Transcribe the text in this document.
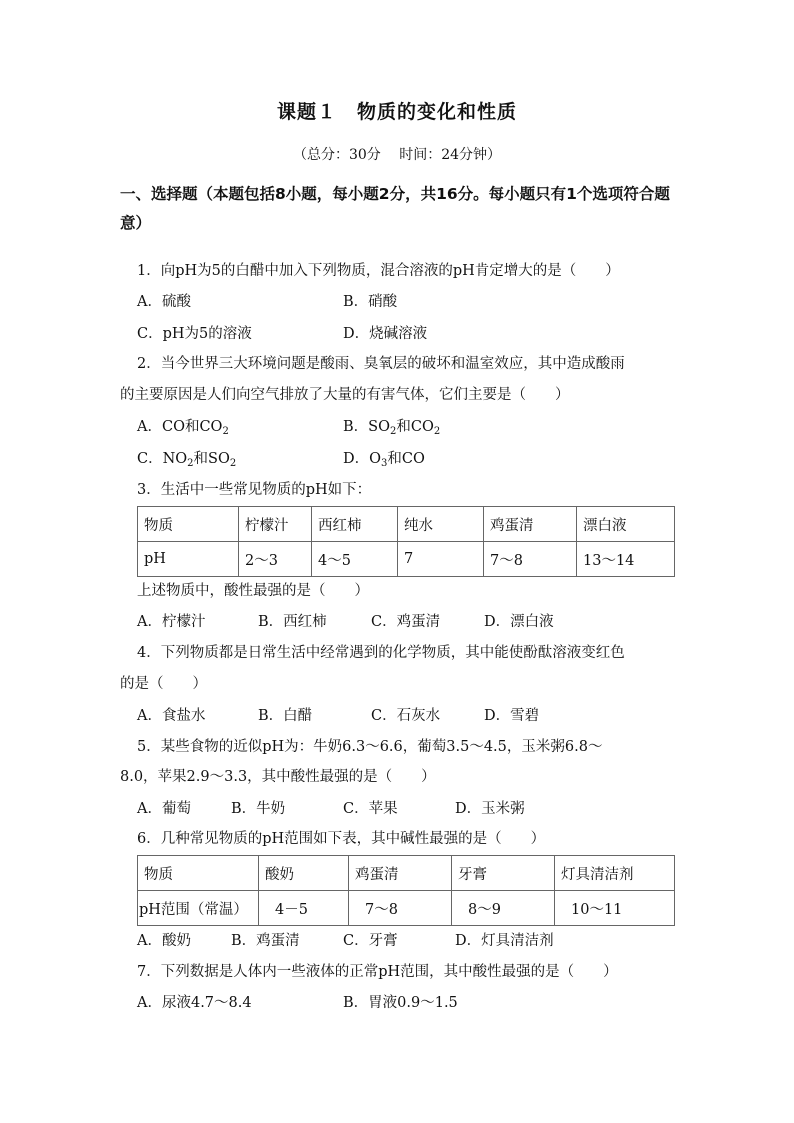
课题１　物质的变化和性质
（总分：30分　 时间：24分钟）
一、选择题（本题包括8小题，每小题2分，共16分。每小题只有1个选项符合题意）
1．向pH为5的白醋中加入下列物质，混合溶液的pH肯定增大的是（　　）
A．硫酸	B．硝酸
C．pH为5的溶液	D．烧碱溶液
2．当今世界三大环境问题是酸雨、臭氧层的破坏和温室效应，其中造成酸雨
的主要原因是人们向空气排放了大量的有害气体，它们主要是（　　）
A．CO和$CO_2$	B．$SO_2$和$CO_2$
C．$NO_2$和$SO_2$	D．$O_3$和CO
3．生活中一些常见物质的pH如下：
物质	柠檬汁	西红柿	纯水	鸡蛋清	漂白液
pH	2～3	4～5	7	7～8	13～14
上述物质中，酸性最强的是（　　）
A．柠檬汁	B．西红柿	C．鸡蛋清	D．漂白液
4．下列物质都是日常生活中经常遇到的化学物质，其中能使酚酞溶液变红色
的是（　　）
A．食盐水	B．白醋	C．石灰水	D．雪碧
5．某些食物的近似pH为：牛奶6.3～6.6，葡萄3.5～4.5，玉米粥6.8～
8.0，苹果2.9～3.3，其中酸性最强的是（　　）
A．葡萄	B．牛奶	C．苹果	D．玉米粥
6．几种常见物质的pH范围如下表，其中碱性最强的是（　　）
物质	酸奶	鸡蛋清	牙膏	灯具清洁剂
pH范围（常温）	4－5	7～8	8～9	10～11
A．酸奶	B．鸡蛋清	C．牙膏	D．灯具清洁剂
7．下列数据是人体内一些液体的正常pH范围，其中酸性最强的是（　　）
A．尿液4.7～8.4	B．胃液0.9～1.5
